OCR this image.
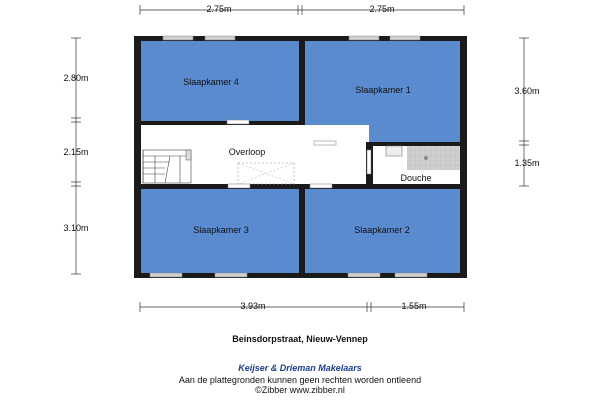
2.75m	2.75m
3.93m	1.55m
2.80m
2.15m
3.10m
3.60m
1.35m
Slaapkamer 4
Slaapkamer 1
Overloop
Douche
Slaapkamer 3	Slaapkamer 2
Beinsdorpstraat, Nieuw-Vennep
Keijser & Drieman Makelaars
Aan de plattegronden kunnen geen rechten worden ontleend
©Zibber www.zibber.nl
